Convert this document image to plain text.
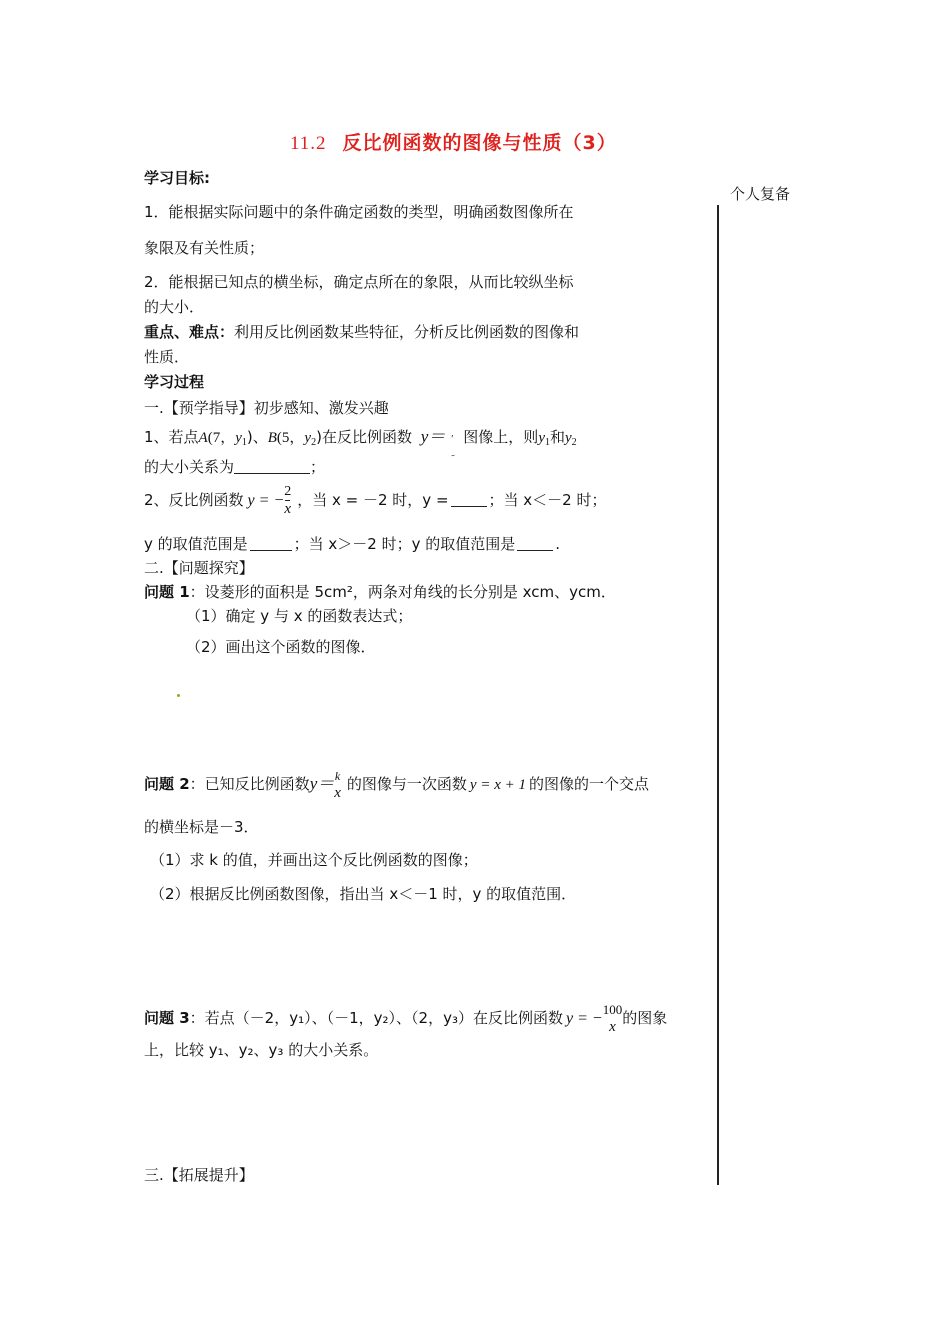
11.2 反比例函数的图像与性质（3）
个人复备
学习目标:
1．能根据实际问题中的条件确定函数的类型，明确函数图像所在
象限及有关性质；
2．能根据已知点的横坐标，确定点所在的象限，从而比较纵坐标
的大小．
重点、难点：利用反比例函数某些特征，分析反比例函数的图像和
性质．
学习过程
一.【预学指导】初步感知、激发兴趣
1、若点A(7，$y_1$)、B(5，$y_2$)在反比例函数 y＝ ′
˜
图像上，则$y_1$和$y_2$
的大小关系为	；
2、反比例函数 y = − $\frac{2}{x}$ ，当 x = －2 时，y =	；当 x＜－2 时；
y 的取值范围是	；当 x＞－2 时；y 的取值范围是	.
二.【问题探究】
问题 1：设菱形的面积是 5cm²，两条对角线的长分别是 xcm、ycm．
（1）确定 y 与 x 的函数表达式；
（2）画出这个函数的图像．
问题 2：已知反比例函数y＝ k
x 的图像与一次函数 y = x + 1 的图像的一个交点
的横坐标是－3．
（1）求 k 的值，并画出这个反比例函数的图像；
（2）根据反比例函数图像，指出当 x＜－1 时，y 的取值范围．
问题 3：若点（－2，y₁）、（－1，y₂）、（2，y₃）在反比例函数 y = −
100
x 的图象
上，比较 y₁、y₂、y₃ 的大小关系。
三.【拓展提升】
